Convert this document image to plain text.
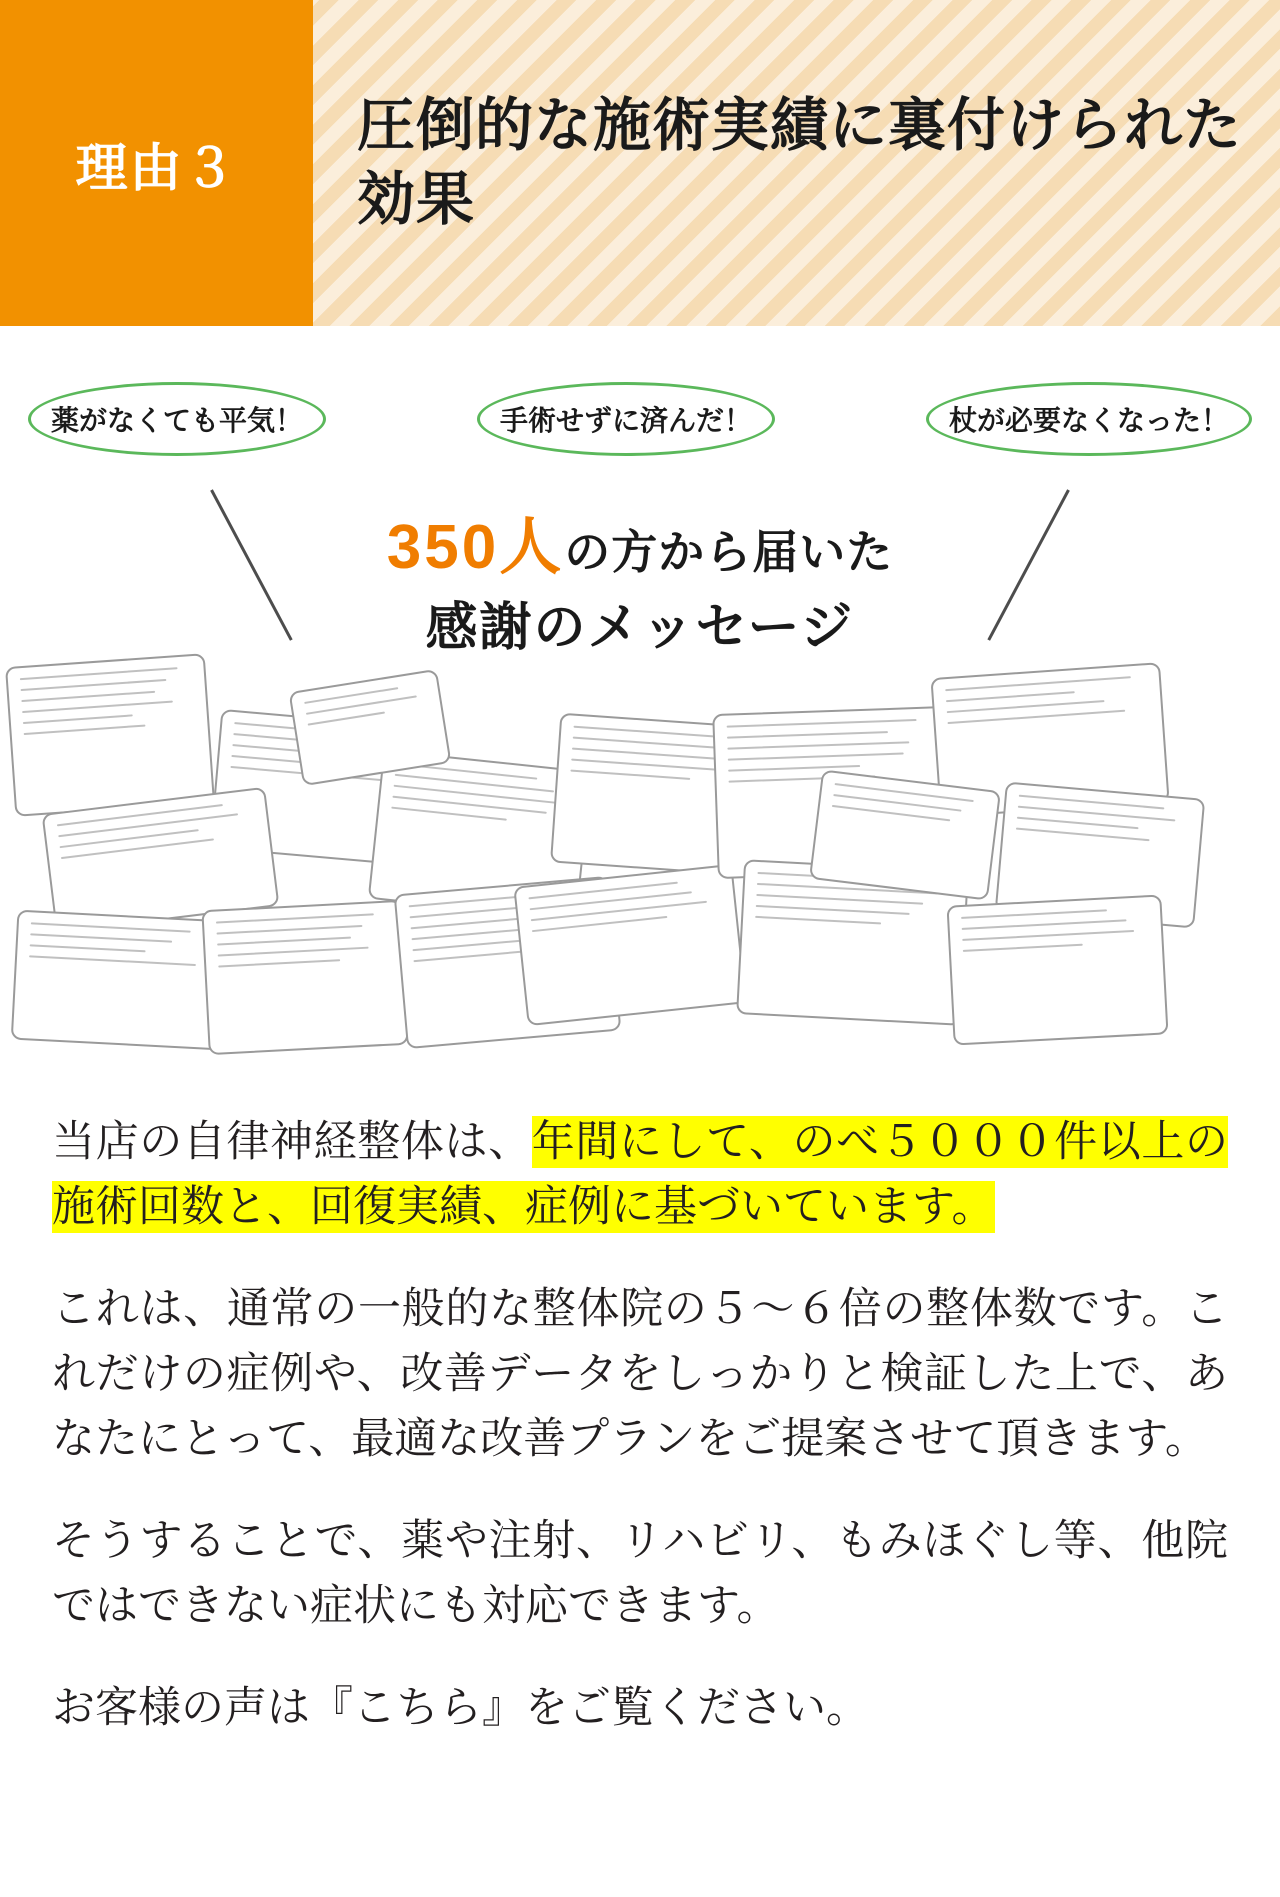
理由３
圧倒的な施術実績に裏付けられた効果
薬がなくても平気！	手術せずに済んだ！	杖が必要なくなった！
350人の方から届いた
感謝のメッセージ

当店の自律神経整体は、年間にして、のべ５０００件以上の施術回数と、回復実績、症例に基づいています。

これは、通常の一般的な整体院の５～６倍の整体数です。これだけの症例や、改善データをしっかりと検証した上で、あなたにとって、最適な改善プランをご提案させて頂きます。

そうすることで、薬や注射、リハビリ、もみほぐし等、他院ではできない症状にも対応できます。

お客様の声は『こちら』をご覧ください。
